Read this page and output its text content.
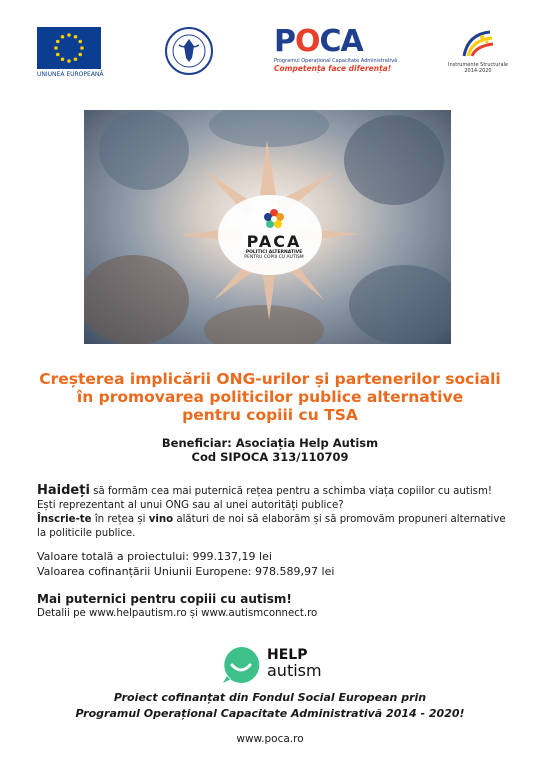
UNIUNEA EUROPEANĂ
POCA
Programul Operațional Capacitate Administrativă
Competența face diferența!	Instrumente Structurale
2014-2020
PACA
POLITICI ALTERNATIVE
PENTRU COPIII CU AUTISM
Creșterea implicării ONG-urilor și partenerilor sociali
în promovarea politicilor publice alternative
pentru copiii cu TSA
Beneficiar: Asociația Help Autism
Cod SIPOCA 313/110709
Haideți să formăm cea mai puternică rețea pentru a schimba viața copiilor cu autism!
Ești reprezentant al unui ONG sau al unei autorități publice?
Înscrie-te în rețea și vino alături de noi să elaborăm și să promovăm propuneri alternative la politicile publice.
Valoare totală a proiectului: 999.137,19 lei
Valoarea cofinanțării Uniunii Europene: 978.589,97 lei
Mai puternici pentru copiii cu autism!
Detalii pe www.helpautism.ro și www.autismconnect.ro
HELP
autism
Proiect cofinanțat din Fondul Social European prin
Programul Operațional Capacitate Administrativă 2014 - 2020!
www.poca.ro
